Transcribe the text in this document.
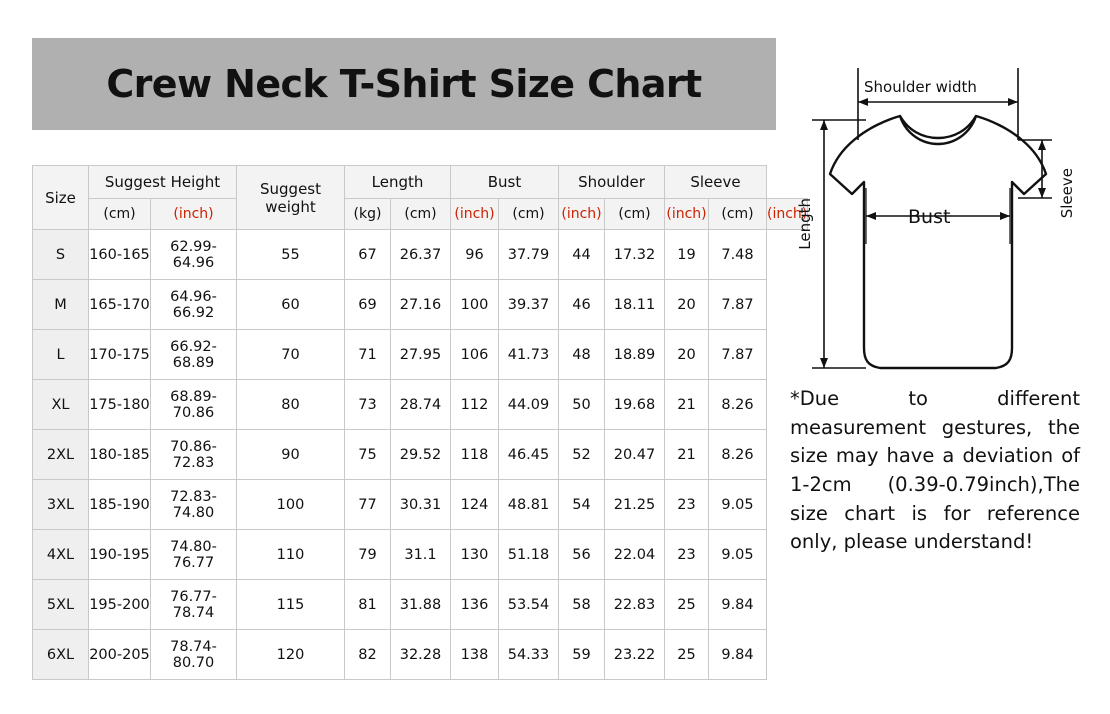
Crew Neck T-Shirt Size Chart
Size	Suggest Height		Suggest weight	Length		Bust		Shoulder		Sleeve		
	(cm)	(inch)		(kg)	(cm)	(inch)	(cm)	(inch)	(cm)	(inch)	(cm)	(inch)
S	160-165	62.99-64.96	55	67	26.37	96	37.79	44	17.32	19	7.48	
M	165-170	64.96-66.92	60	69	27.16	100	39.37	46	18.11	20	7.87	
L	170-175	66.92-68.89	70	71	27.95	106	41.73	48	18.89	20	7.87	
XL	175-180	68.89-70.86	80	73	28.74	112	44.09	50	19.68	21	8.26	
2XL	180-185	70.86-72.83	90	75	29.52	118	46.45	52	20.47	21	8.26	
3XL	185-190	72.83-74.80	100	77	30.31	124	48.81	54	21.25	23	9.05	
4XL	190-195	74.80-76.77	110	79	31.1	130	51.18	56	22.04	23	9.05	
5XL	195-200	76.77-78.74	115	81	31.88	136	53.54	58	22.83	25	9.84	
6XL	200-205	78.74-80.70	120	82	32.28	138	54.33	59	23.22	25	9.84	
Shoulder width
Bust
Length
Sleeve
*Due to different measurement gestures, the size may have a deviation of 1-2cm (0.39-0.79inch),The size chart is for reference only, please understand!
